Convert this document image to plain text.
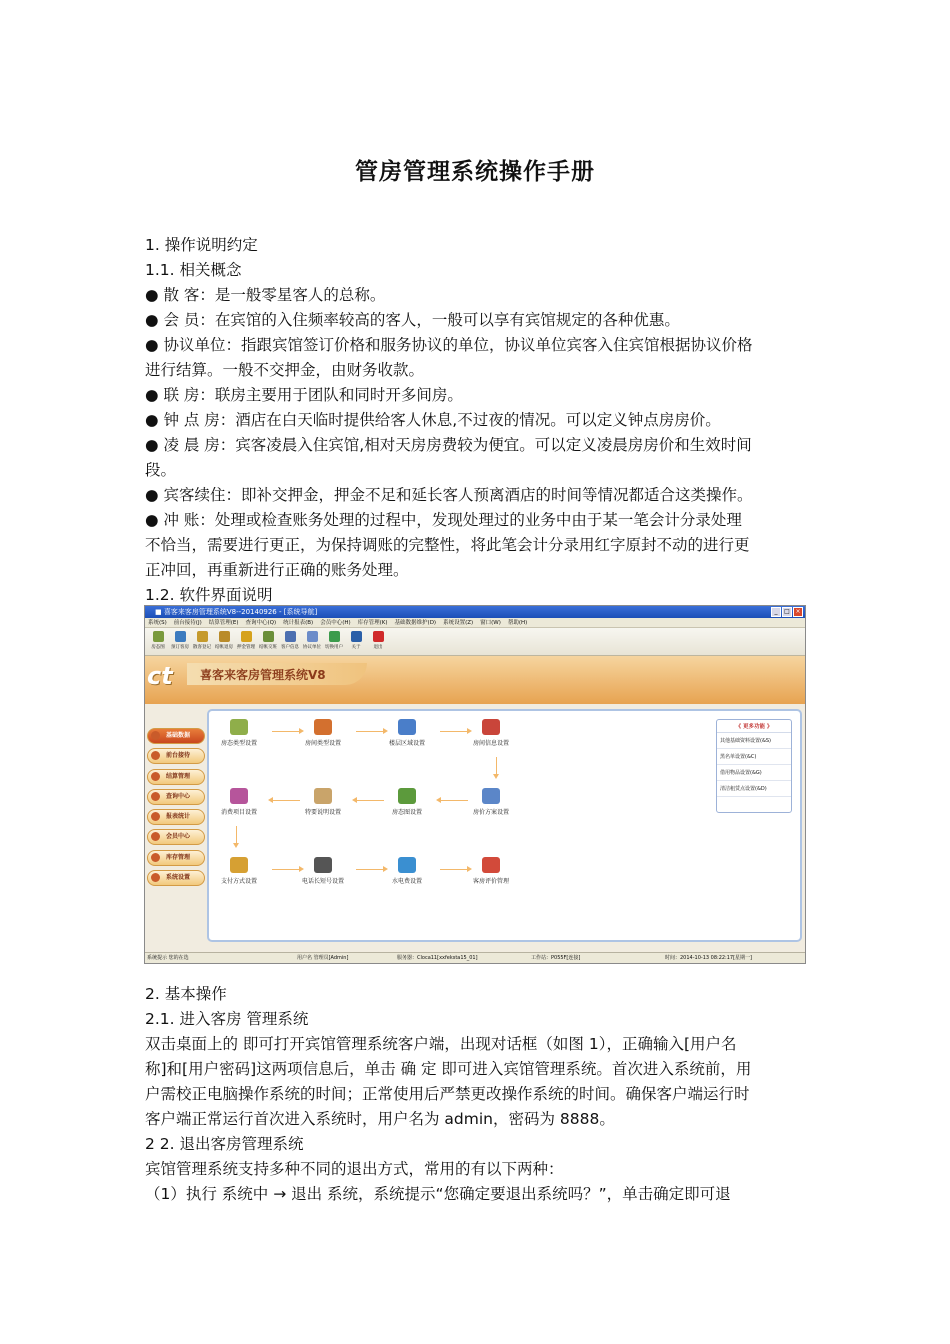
管房管理系统操作手册
1. 操作说明约定
1.1. 相关概念
● 散 客：是一般零星客人的总称。
● 会 员：在宾馆的入住频率较高的客人，一般可以享有宾馆规定的各种优惠。
● 协议单位：指跟宾馆签订价格和服务协议的单位，协议单位宾客入住宾馆根据协议价格
进行结算。一般不交押金，由财务收款。
● 联 房：联房主要用于团队和同时开多间房。
● 钟 点 房：酒店在白天临时提供给客人休息,不过夜的情况。可以定义钟点房房价。
● 凌 晨 房：宾客凌晨入住宾馆,相对天房房费较为便宜。可以定义凌晨房房价和生效时间
段。
● 宾客续住：即补交押金，押金不足和延长客人预离酒店的时间等情况都适合这类操作。
● 冲 账：处理或检查账务处理的过程中，发现处理过的业务中由于某一笔会计分录处理
不恰当，需要进行更正，为保持调账的完整性，将此笔会计分录用红字原封不动的进行更
正冲回，再重新进行正确的账务处理。
1.2. 软件界面说明
■ 喜客来客房管理系统V8--20140926 - [系统导航]	_	□ ×
系统(S) 前台接待(J) 结算管理(E) 查询中心(Q) 统计报表(B) 会员中心(H) 库存管理(K) 基础数据维护(D) 系统设置(Z) 窗口(W) 帮助(H)
房态图 预订客房 散客登记 结帐退房 押金管理 结帐交班 客户信息 协议单位 切换用户 关于	退出
ct 喜客来客房管理系统V8
基础数据
前台接待
结算管理
查询中心
报表统计
会员中心
库存管理
系统设置
《 更多功能 》
其他基础资料设置(&S)
黑名单设置(&C)
借用物品设置(&G)
清洁租赁点设置(&D)
房态类型设置	房间类型设置	楼层区域设置	房间信息设置
消费项目设置	特要说明设置	房态图设置	房价方案设置
支付方式设置	电话长短号设置	水电费设置	客房评价管理
系统提示 您的在选	用户名 管理员[Admin]	服务器：Cloca11[xxfeksta15_01]	工作站：P055F[连接]	时间：2014-10-13 08:22:17[星期一]
2. 基本操作
2.1. 进入客房 管理系统
双击桌面上的 即可打开宾馆管理系统客户端，出现对话框（如图 1），正确输入[用户名
称]和[用户密码]这两项信息后，单击 确 定 即可进入宾馆管理系统。首次进入系统前，用
户需校正电脑操作系统的时间；正常使用后严禁更改操作系统的时间。确保客户端运行时
客户端正常运行首次进入系统时，用户名为 admin，密码为 8888。
2 2. 退出客房管理系统
宾馆管理系统支持多种不同的退出方式，常用的有以下两种：
（1）执行 系统中 → 退出 系统，系统提示“您确定要退出系统吗？”，单击确定即可退
